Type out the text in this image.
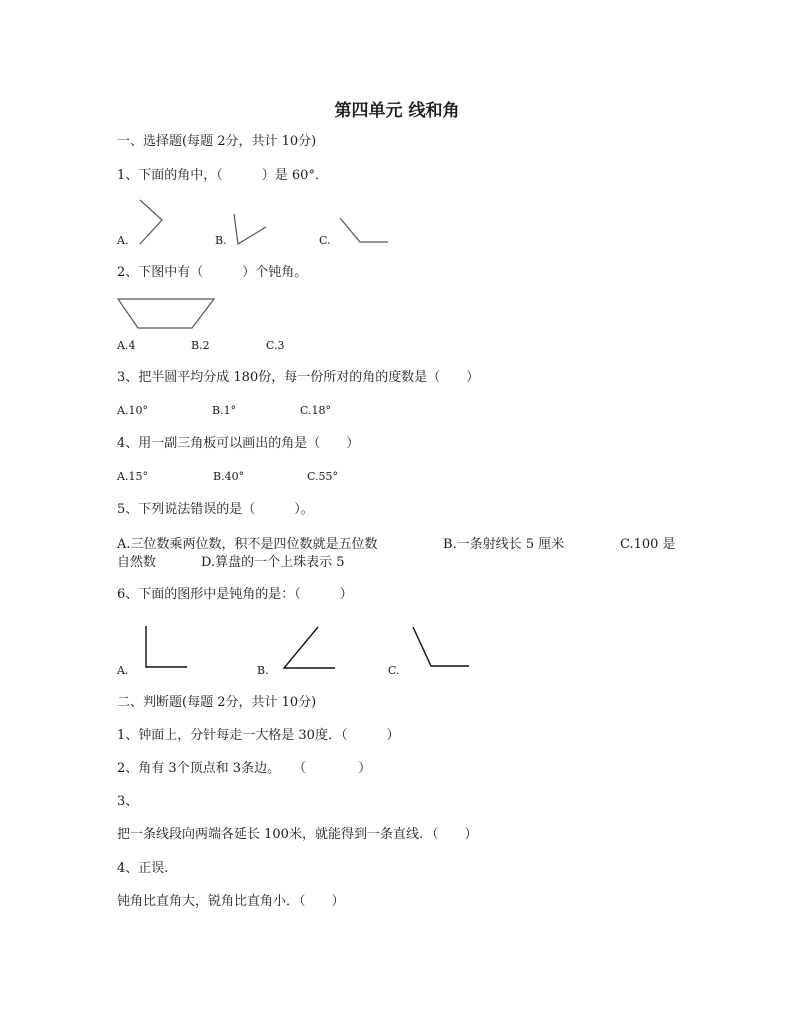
第四单元 线和角
一、选择题(每题 2分，共计 10分)
1、下面的角中，（　　　）是 60°．
A.	B.	C.
2、下图中有（　　　）个钝角。
A.4	B.2	C.3
3、把半圆平均分成 180份，每一份所对的角的度数是（　　）
A.10°	B.1°	C.18°
4、用一副三角板可以画出的角是（　　）
A.15°	B.40°	C.55°
5、下列说法错误的是（　　　）。
A.三位数乘两位数，积不是四位数就是五位数	B.一条射线长 5 厘米	C.100 是
自然数	D.算盘的一个上珠表示 5
6、下面的图形中是钝角的是：（　　　）
A.	B.	C.
二、判断题(每题 2分，共计 10分)
1、钟面上，分针每走一大格是 30度．（　　　）
2、角有 3个顶点和 3条边。　　（　　　　）
3、
把一条线段向两端各延长 100米，就能得到一条直线．（　　）
4、正误.
钝角比直角大，锐角比直角小．（　　）
